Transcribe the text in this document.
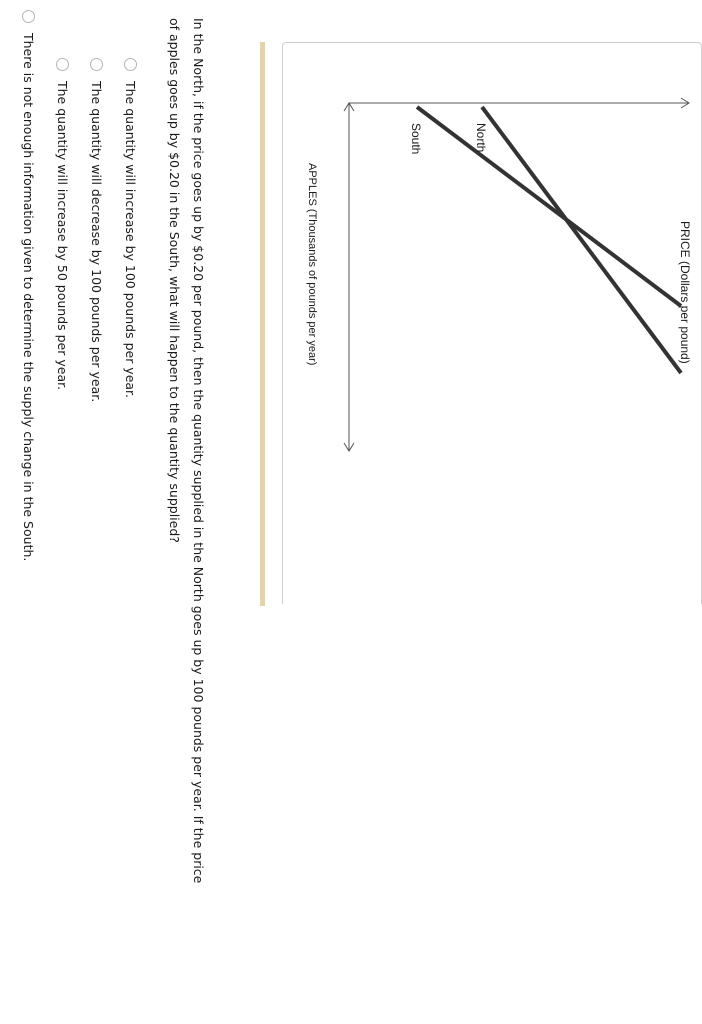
PRICE (Dollars per pound)
APPLES (Thousands of pounds per year)
North
South

In the North, if the price goes up by $0.20 per pound, then the quantity supplied in the North goes up by 100 pounds per year. If the price of apples goes up by $0.20 in the South, what will happen to the quantity supplied?

The quantity will increase by 100 pounds per year.
The quantity will decrease by 100 pounds per year.
The quantity will increase by 50 pounds per year.
There is not enough information given to determine the supply change in the South.
